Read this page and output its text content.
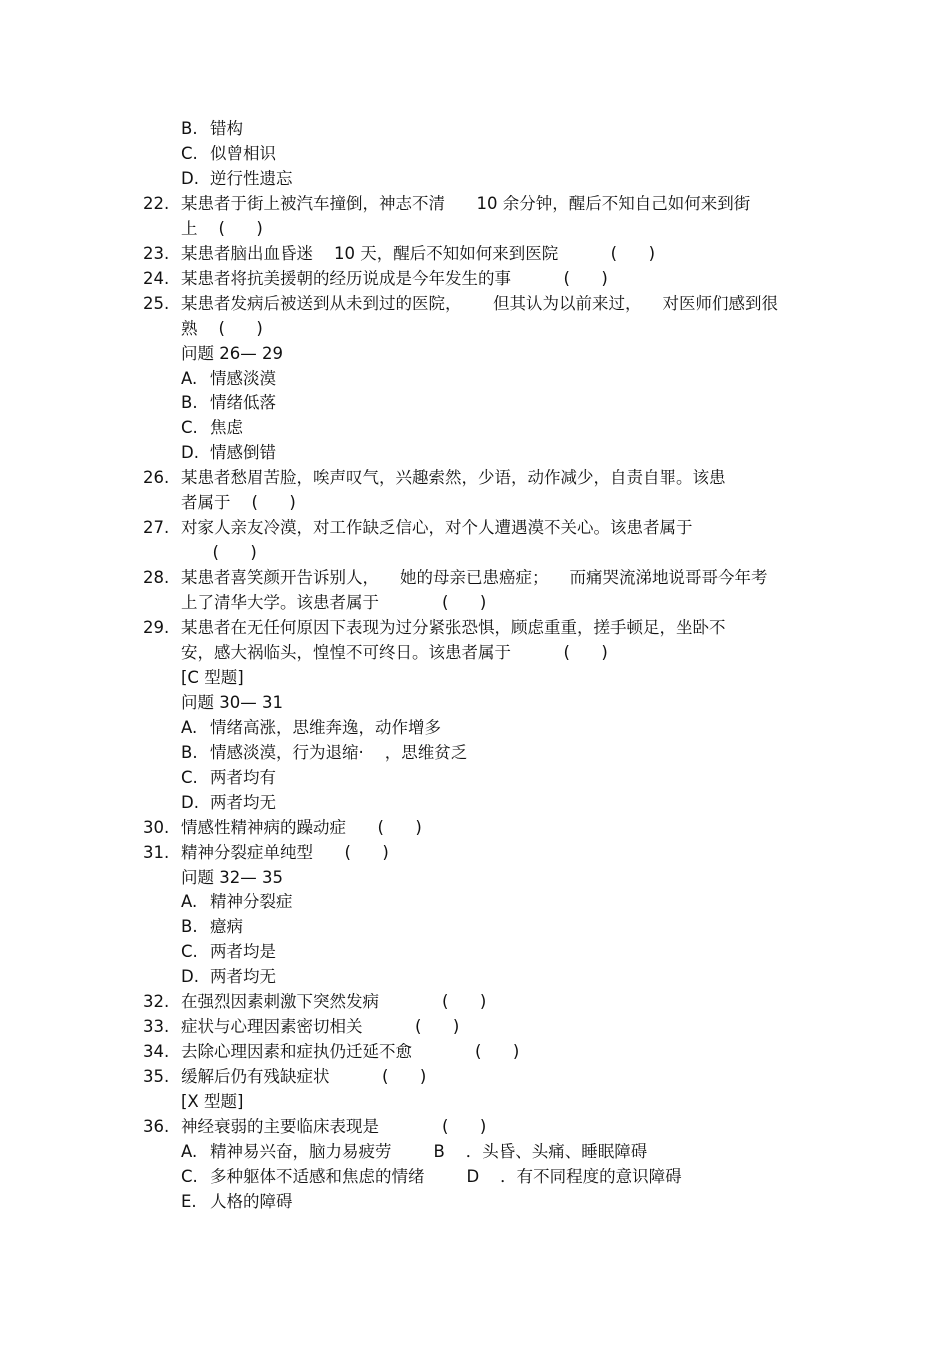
B. 错构
C. 似曾相识
D. 逆行性遗忘
22. 某患者于街上被汽车撞倒，神志不清      10 余分钟，醒后不知自己如何来到街
上    (      )
23. 某患者脑出血昏迷    10 天，醒后不知如何来到医院          (      )
24. 某患者将抗美援朝的经历说成是今年发生的事          (      )
25. 某患者发病后被送到从未到过的医院，      但其认为以前来过，    对医师们感到很
熟    (      )
问题 26— 29
A. 情感淡漠
B. 情绪低落
C. 焦虑
D. 情感倒错
26. 某患者愁眉苦脸，唉声叹气，兴趣索然，少语，动作减少，自责自罪。该患
者属于    (      )
27. 对家人亲友冷漠，对工作缺乏信心，对个人遭遇漠不关心。该患者属于
(      )
28. 某患者喜笑颜开告诉别人，    她的母亲已患癌症；    而痛哭流涕地说哥哥今年考
上了清华大学。该患者属于            (      )
29. 某患者在无任何原因下表现为过分紧张恐惧，顾虑重重，搓手顿足，坐卧不
安，感大祸临头，惶惶不可终日。该患者属于          (      )
[C 型题]
问题 30— 31
A. 情绪高涨，思维奔逸，动作增多
B. 情感淡漠，行为退缩·    ，思维贫乏
C. 两者均有
D. 两者均无
30. 情感性精神病的躁动症      (      )
31. 精神分裂症单纯型      (      )
问题 32— 35
A. 精神分裂症
B. 癔病
C. 两者均是
D. 两者均无
32. 在强烈因素刺激下突然发病            (      )
33. 症状与心理因素密切相关          (      )
34. 去除心理因素和症执仍迁延不愈            (      )
35. 缓解后仍有残缺症状          (      )
[X 型题]
36. 神经衰弱的主要临床表现是            (      )
A. 精神易兴奋，脑力易疲劳        B    ．头昏、头痛、睡眠障碍
C. 多种躯体不适感和焦虑的情绪        D    ．有不同程度的意识障碍
E. 人格的障碍
